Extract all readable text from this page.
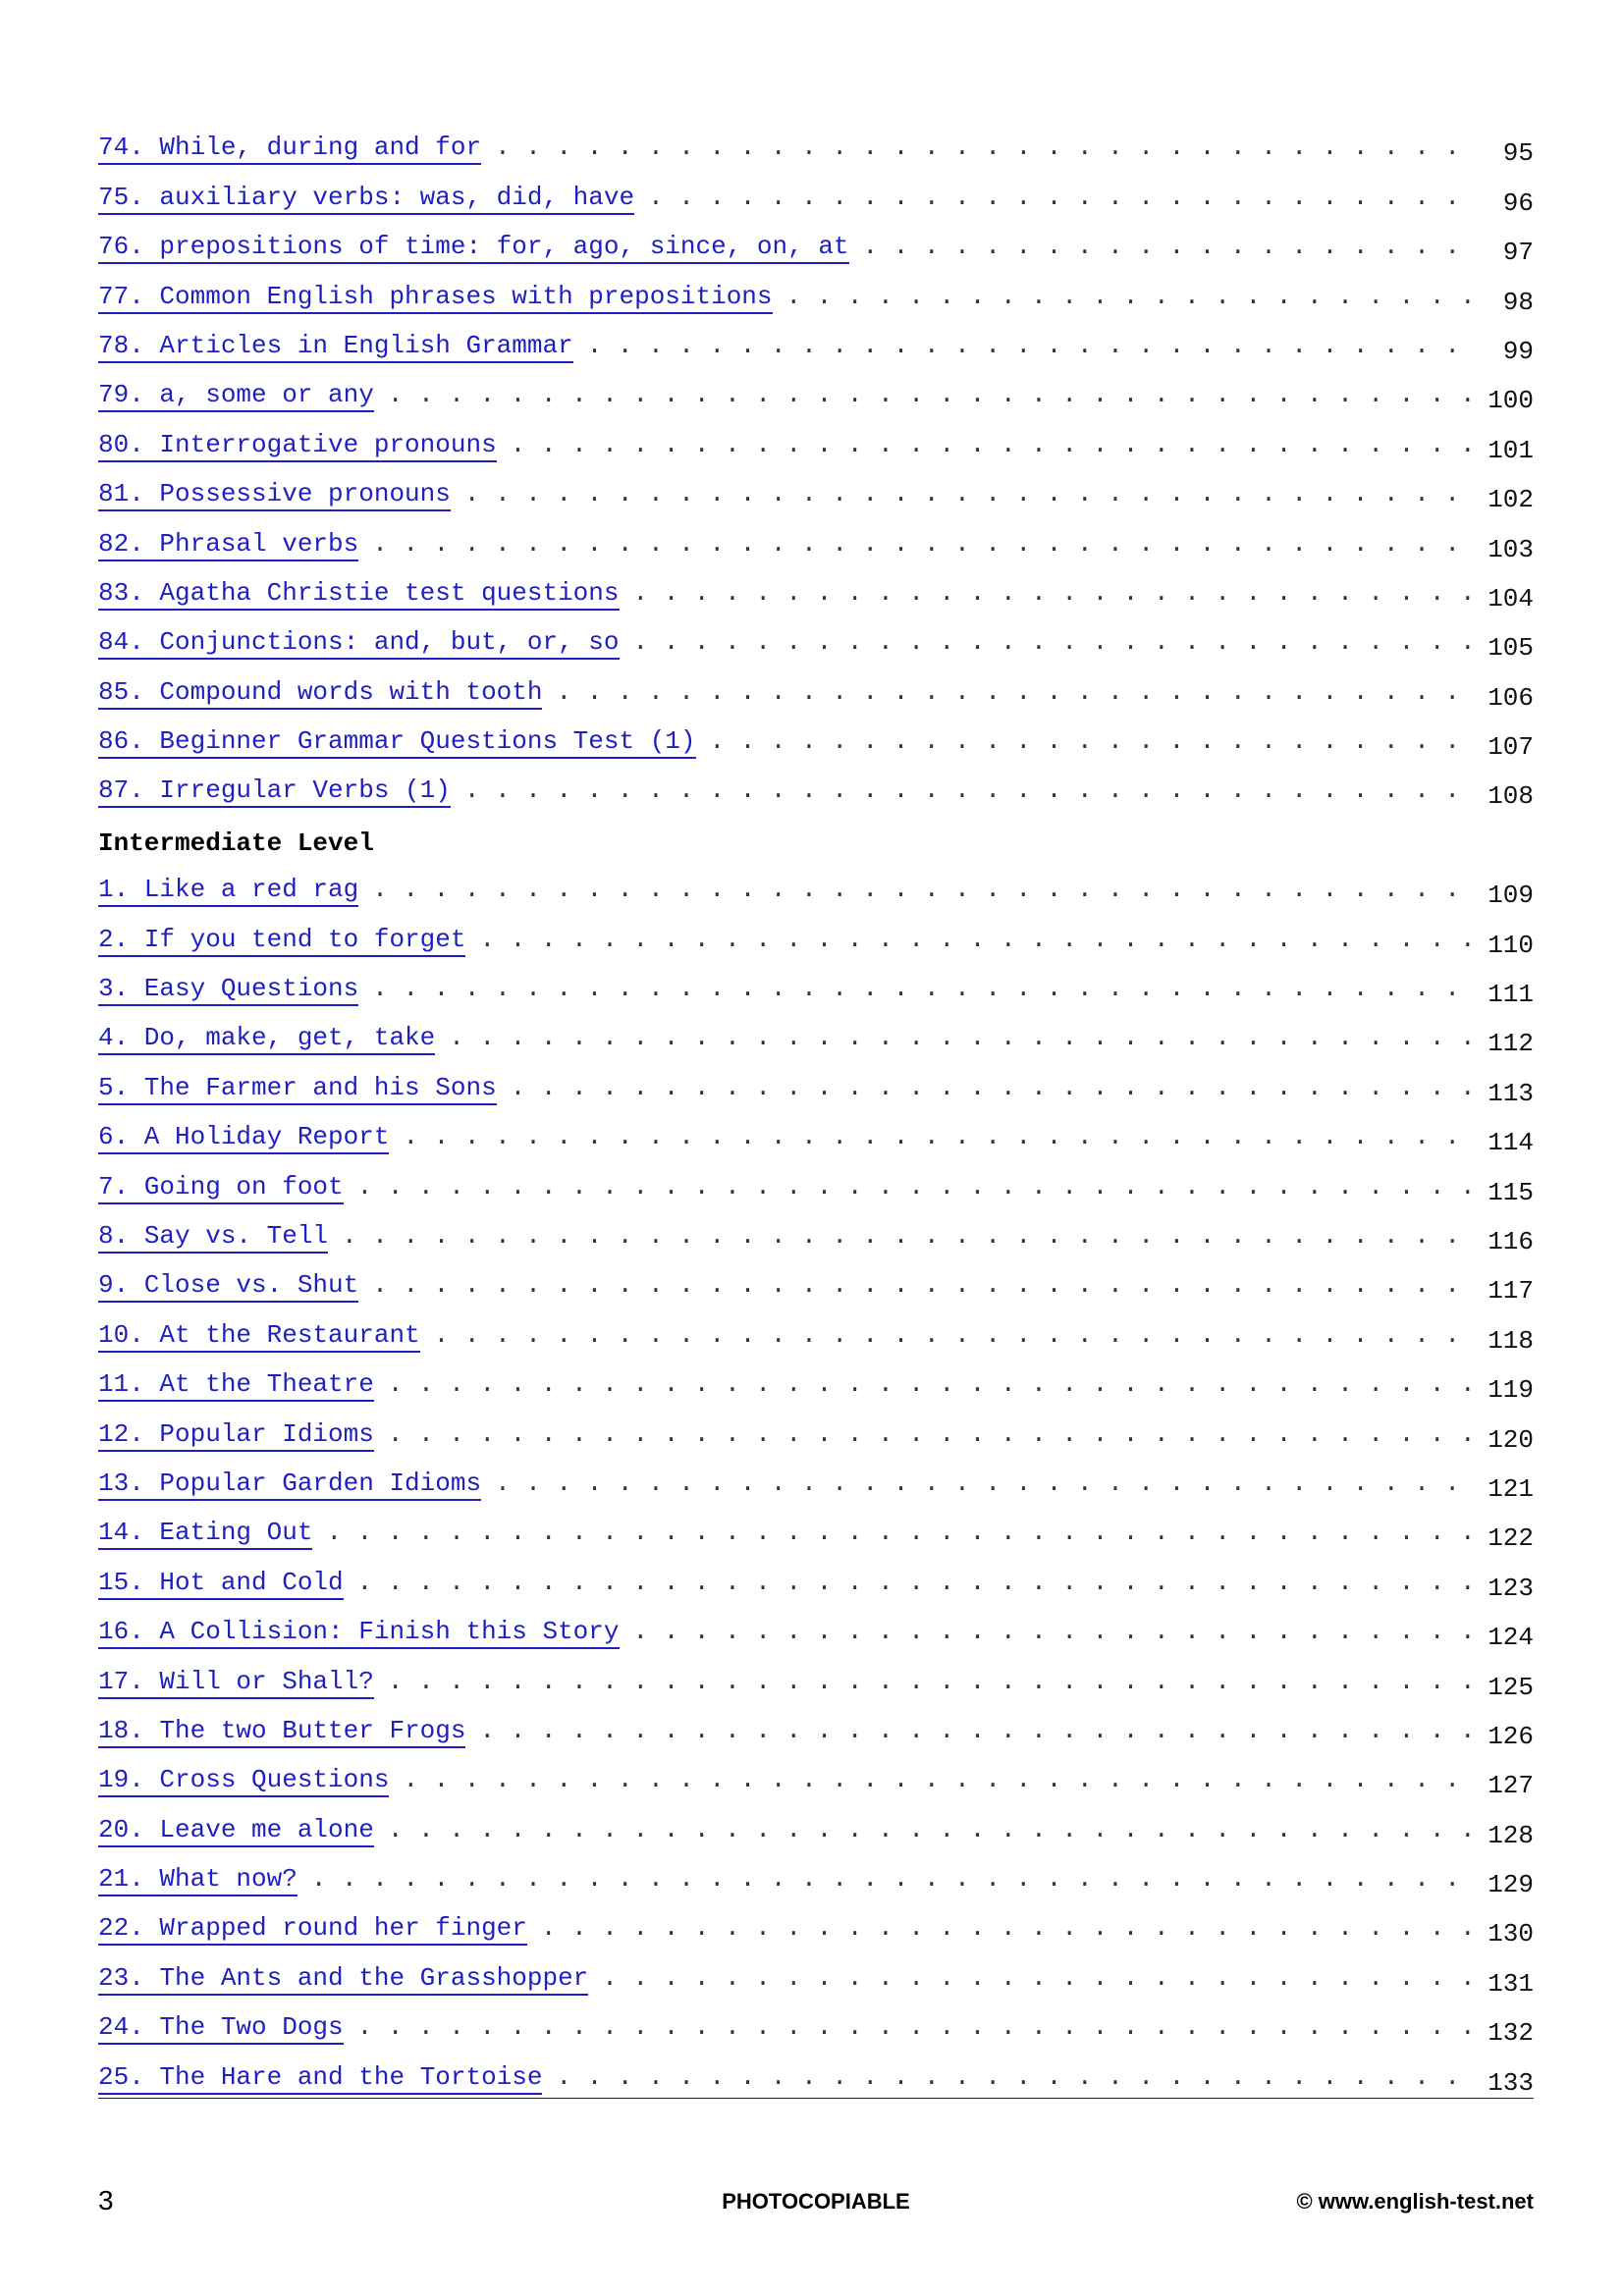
74. While, during and for . . .	95
75. auxiliary verbs: was, did, have . . .	96
76. prepositions of time: for, ago, since, on, at . . .	97
77. Common English phrases with prepositions . . .	98
78. Articles in English Grammar . . .	99
79. a, some or any . . .	100
80. Interrogative pronouns . . .	101
81. Possessive pronouns . . .	102
82. Phrasal verbs . . .	103
83. Agatha Christie test questions . . .	104
84. Conjunctions: and, but, or, so . . .	105
85. Compound words with tooth . . .	106
86. Beginner Grammar Questions Test (1) . . .	107
87. Irregular Verbs (1) . . .	108
Intermediate Level
1. Like a red rag . . .	109
2. If you tend to forget . . .	110
3. Easy Questions . . .	111
4. Do, make, get, take . . .	112
5. The Farmer and his Sons . . .	113
6. A Holiday Report . . .	114
7. Going on foot . . .	115
8. Say vs. Tell . . .	116
9. Close vs. Shut . . .	117
10. At the Restaurant . . .	118
11. At the Theatre . . .	119
12. Popular Idioms . . .	120
13. Popular Garden Idioms . . .	121
14. Eating Out . . .	122
15. Hot and Cold . . .	123
16. A Collision: Finish this Story . . .	124
17. Will or Shall? . . .	125
18. The two Butter Frogs . . .	126
19. Cross Questions . . .	127
20. Leave me alone . . .	128
21. What now? . . .	129
22. Wrapped round her finger . . .	130
23. The Ants and the Grasshopper . . .	131
24. The Two Dogs . . .	132
25. The Hare and the Tortoise . . .	133
3	PHOTOCOPIABLE	© www.english-test.net
